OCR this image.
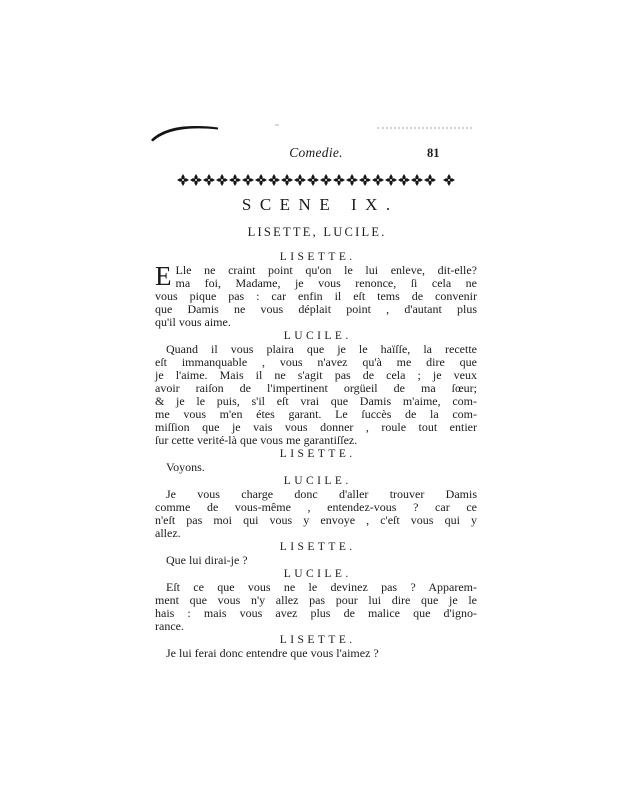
Comedie.	81
SCENE IX.
LISETTE, LUCILE.
LISETTE.
E Lle ne craint point qu'on le lui enleve, dit-elle?
ma foi, Madame, je vous renonce, ſi cela ne
vous pique pas : car enfin il eſt tems de convenir
que Damis ne vous déplait point , d'autant plus
qu'il vous aime.
LUCILE.
Quand il vous plaira que je le haïſſe, la recette
eſt immanquable , vous n'avez qu'à me dire que
je l'aime. Mais il ne s'agit pas de cela ; je veux
avoir raiſon de l'impertinent orgüeil de ma ſœur;
& je le puis, s'il eſt vrai que Damis m'aime, com-
me vous m'en étes garant. Le ſuccès de la com-
miſſion que je vais vous donner , roule tout entier
ſur cette verité-là que vous me garantiſſez.
LISETTE.
Voyons.
LUCILE.
Je vous charge donc d'aller trouver Damis
comme de vous-même , entendez-vous ? car ce
n'eſt pas moi qui vous y envoye , c'eſt vous qui y
allez.
LISETTE.
Que lui dirai-je ?
LUCILE.
Eſt ce que vous ne le devinez pas ? Apparem-
ment que vous n'y allez pas pour lui dire que je le
hais : mais vous avez plus de malice que d'igno-
rance.
LISETTE.
Je lui ferai donc entendre que vous l'aimez ?
